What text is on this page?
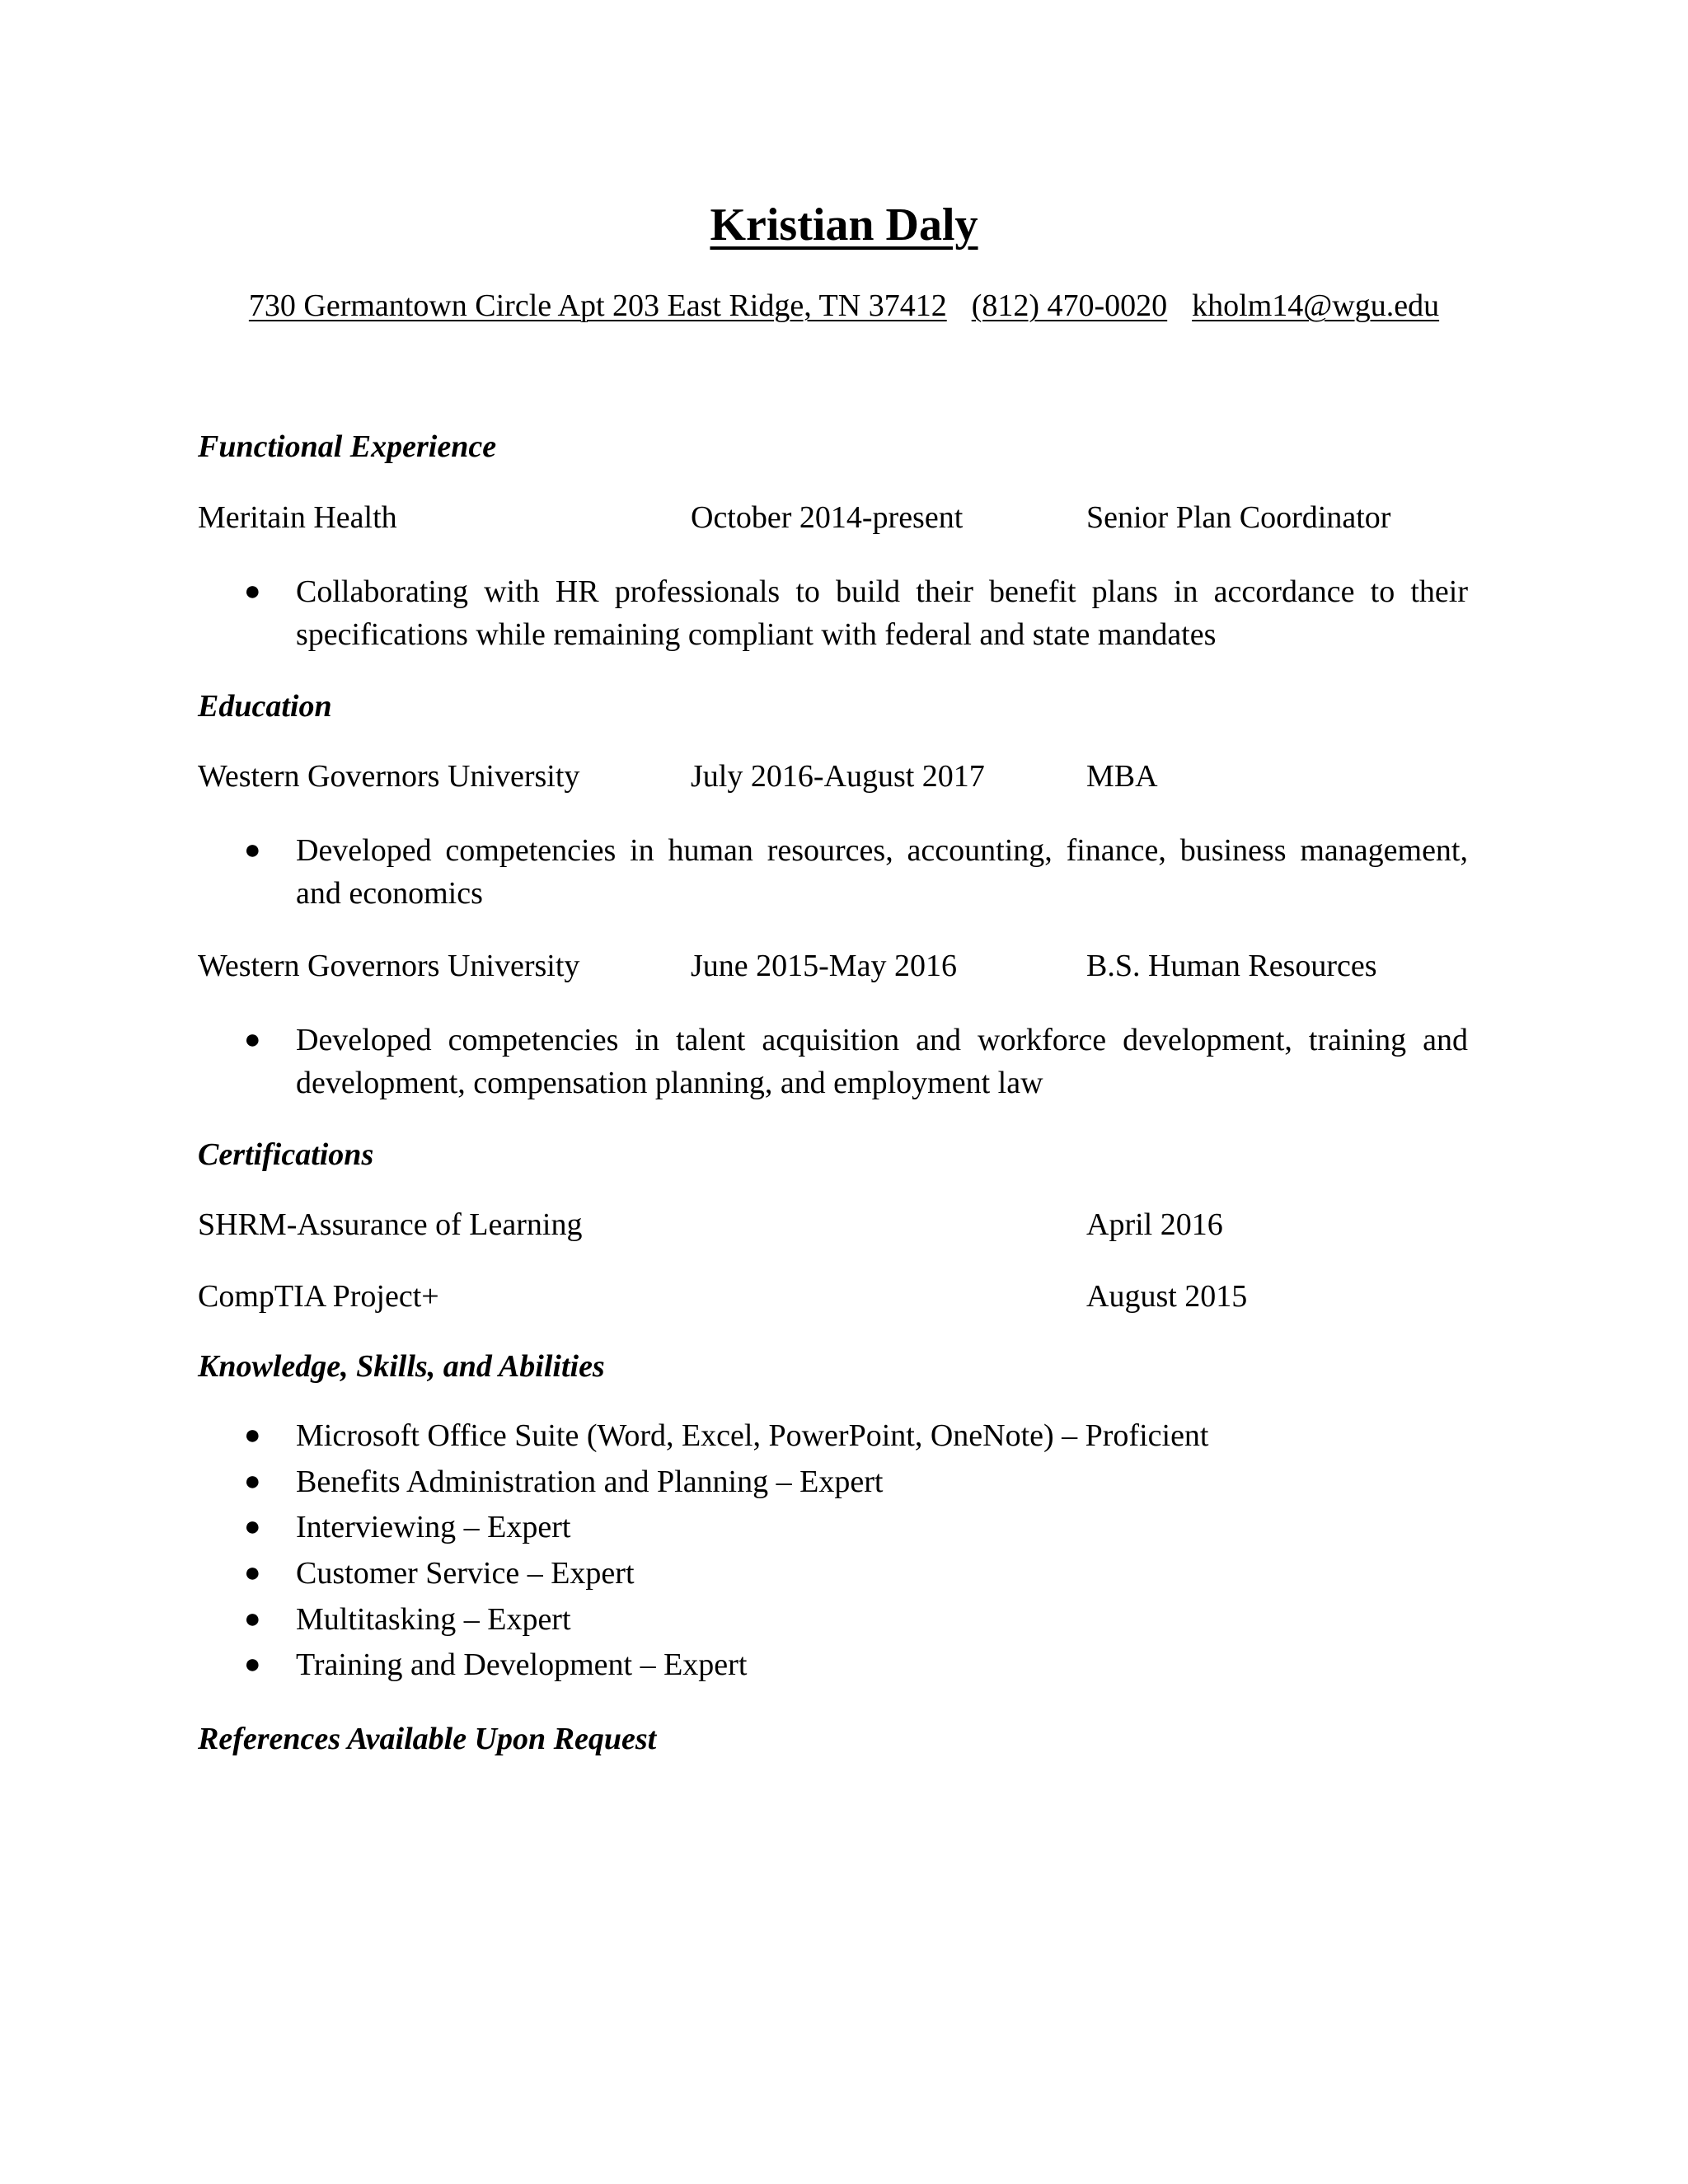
Kristian Daly
730 Germantown Circle Apt 203 East Ridge, TN 37412 (812) 470-0020 kholm14@wgu.edu
Functional Experience
Meritain Health	October 2014-present	Senior Plan Coordinator
● Collaborating with HR professionals to build their benefit plans in accordance to their specifications while remaining compliant with federal and state mandates
Education
Western Governors University	July 2016-August 2017	MBA
● Developed competencies in human resources, accounting, finance, business management, and economics
Western Governors University	June 2015-May 2016	B.S. Human Resources
● Developed competencies in talent acquisition and workforce development, training and development, compensation planning, and employment law
Certifications
SHRM-Assurance of Learning	April 2016
CompTIA Project+	August 2015
Knowledge, Skills, and Abilities
● Microsoft Office Suite (Word, Excel, PowerPoint, OneNote) – Proficient
● Benefits Administration and Planning – Expert
● Interviewing – Expert
● Customer Service – Expert
● Multitasking – Expert
● Training and Development – Expert
References Available Upon Request
